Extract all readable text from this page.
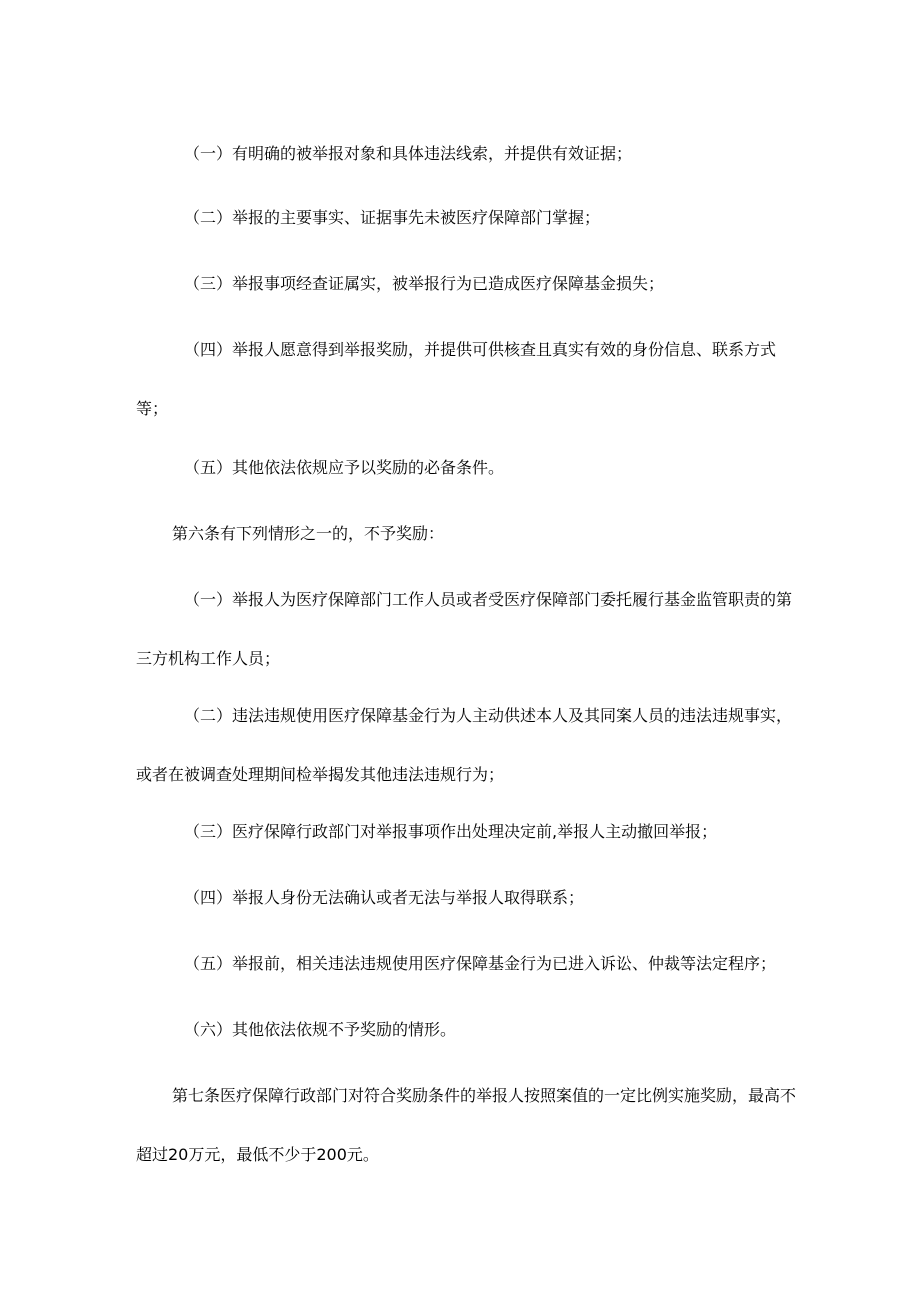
（一）有明确的被举报对象和具体违法线索，并提供有效证据；

（二）举报的主要事实、证据事先未被医疗保障部门掌握；

（三）举报事项经查证属实，被举报行为已造成医疗保障基金损失；

（四）举报人愿意得到举报奖励，并提供可供核查且真实有效的身份信息、联系方式等；

（五）其他依法依规应予以奖励的必备条件。

第六条有下列情形之一的，不予奖励：

（一）举报人为医疗保障部门工作人员或者受医疗保障部门委托履行基金监管职责的第三方机构工作人员；

（二）违法违规使用医疗保障基金行为人主动供述本人及其同案人员的违法违规事实，或者在被调查处理期间检举揭发其他违法违规行为；

（三）医疗保障行政部门对举报事项作出处理决定前,举报人主动撤回举报；

（四）举报人身份无法确认或者无法与举报人取得联系；

（五）举报前，相关违法违规使用医疗保障基金行为已进入诉讼、仲裁等法定程序；

（六）其他依法依规不予奖励的情形。

第七条医疗保障行政部门对符合奖励条件的举报人按照案值的一定比例实施奖励，最高不超过20万元，最低不少于200元。
